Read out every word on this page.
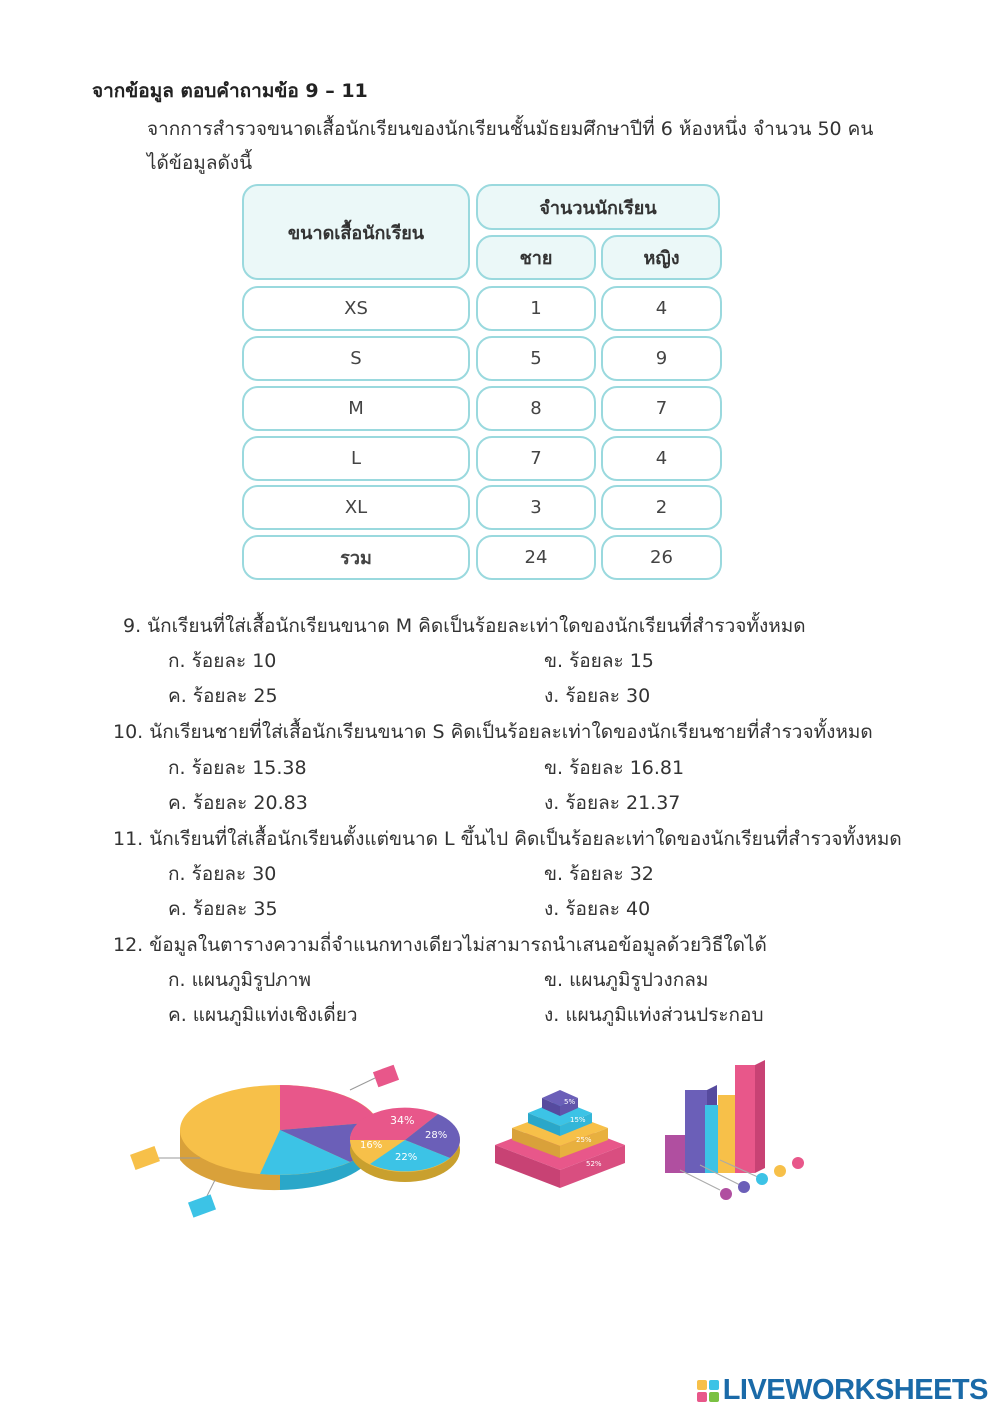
จากข้อมูล ตอบคำถามข้อ 9 – 11
จากการสำรวจขนาดเสื้อนักเรียนของนักเรียนชั้นมัธยมศึกษาปีที่ 6 ห้องหนึ่ง จำนวน 50 คน ได้ข้อมูลดังนี้
ขนาดเสื้อนักเรียน
จำนวนนักเรียน
ชาย	หญิง
XS	1	4
S	5	9
M	8	7
L	7	4
XL	3	2
รวม	24	26
9. นักเรียนที่ใส่เสื้อนักเรียนขนาด M คิดเป็นร้อยละเท่าใดของนักเรียนที่สำรวจทั้งหมด
ก. ร้อยละ 10	ข. ร้อยละ 15
ค. ร้อยละ 25	ง. ร้อยละ 30
10. นักเรียนชายที่ใส่เสื้อนักเรียนขนาด S คิดเป็นร้อยละเท่าใดของนักเรียนชายที่สำรวจทั้งหมด
ก. ร้อยละ 15.38	ข. ร้อยละ 16.81
ค. ร้อยละ 20.83	ง. ร้อยละ 21.37
11. นักเรียนที่ใส่เสื้อนักเรียนตั้งแต่ขนาด L ขึ้นไป คิดเป็นร้อยละเท่าใดของนักเรียนที่สำรวจทั้งหมด
ก. ร้อยละ 30	ข. ร้อยละ 32
ค. ร้อยละ 35	ง. ร้อยละ 40
12. ข้อมูลในตารางความถี่จำแนกทางเดียวไม่สามารถนำเสนอข้อมูลด้วยวิธีใดได้
ก. แผนภูมิรูปภาพ	ข. แผนภูมิรูปวงกลม
ค. แผนภูมิแท่งเชิงเดี่ยว	ง. แผนภูมิแท่งส่วนประกอบ
34%
16%
22%
28%
5%
15%
25%
52%
LIVEWORKSHEETS
